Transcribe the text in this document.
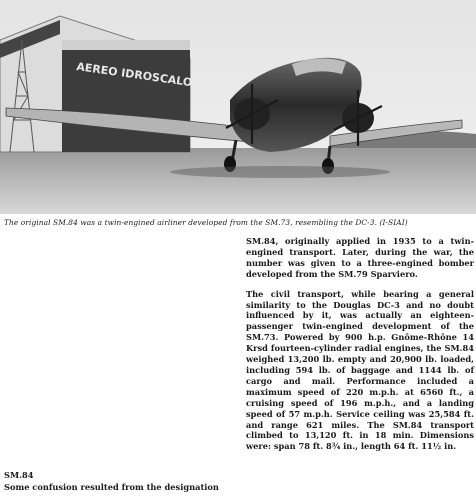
AEREO IDROSCALO
The original SM.84 was a twin-engined airliner developed from the SM.73, resembling the DC-3. (I-SIAI)

SM.84, originally applied in 1935 to a twin-engined transport. Later, during the war, the number was given to a three-engined bomber developed from the SM.79 Sparviero.

The civil transport, while bearing a general similarity to the Douglas DC-3 and no doubt influenced by it, was actually an eighteen-passenger twin-engined development of the SM.73. Powered by 900 h.p. Gnôme-Rhône 14 Krsd fourteen-cylinder radial engines, the SM.84 weighed 13,200 lb. empty and 20,900 lb. loaded, including 594 lb. of baggage and 1144 lb. of cargo and mail. Performance included a maximum speed of 220 m.p.h. at 6560 ft., a cruising speed of 196 m.p.h., and a landing speed of 57 m.p.h. Service ceiling was 25,584 ft. and range 621 miles. The SM.84 transport climbed to 13,120 ft. in 18 min. Dimensions were: span 78 ft. 8¾ in., length 64 ft. 11½ in.

SM.84
Some confusion resulted from the designation
